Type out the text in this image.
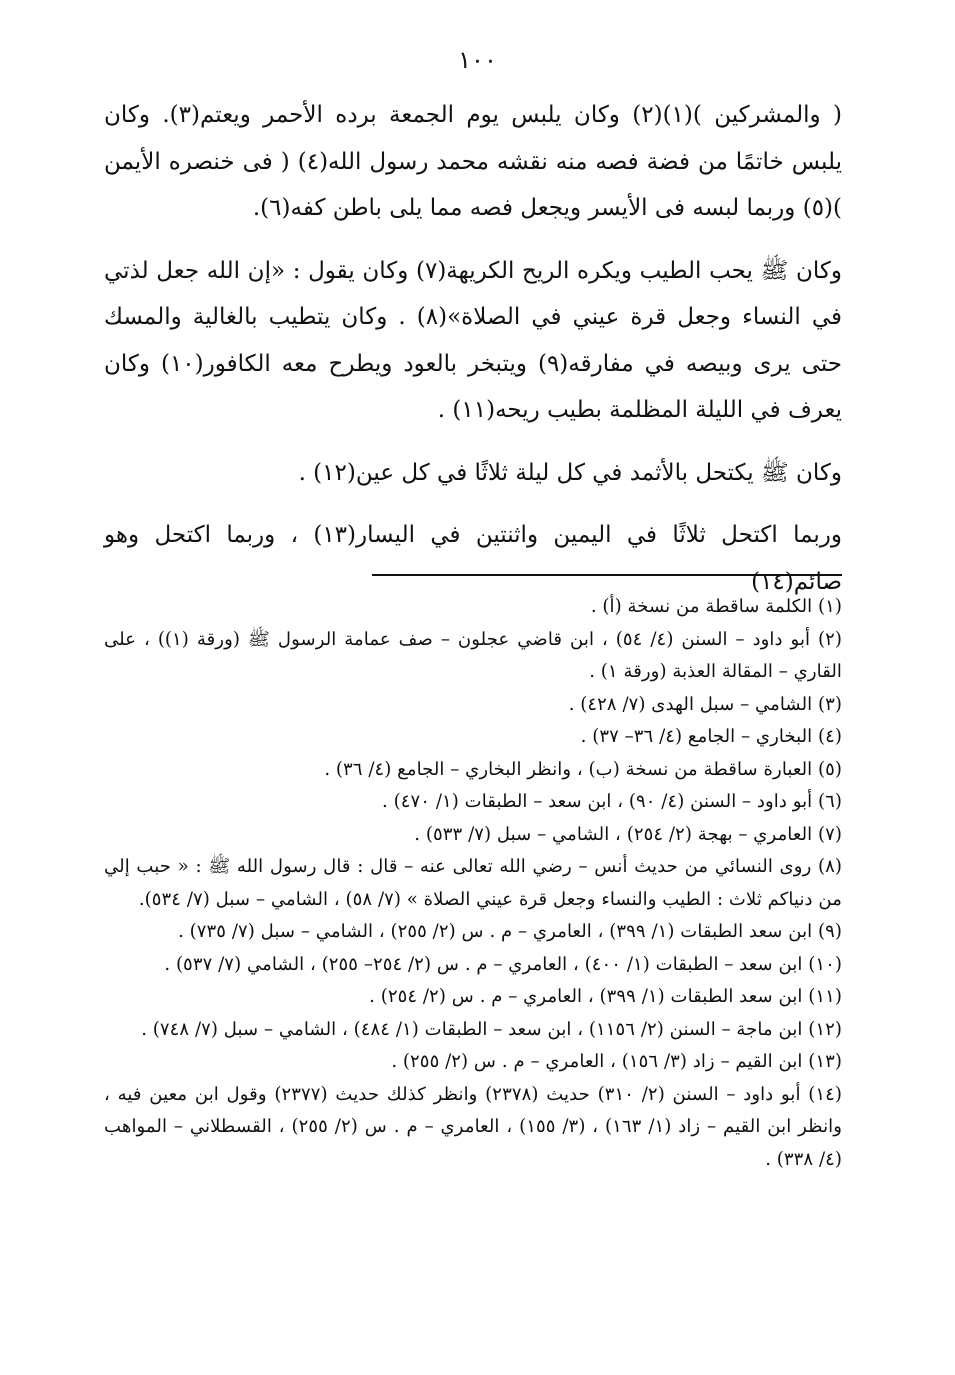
١٠٠

( والمشركين )(١)(٢) وكان يلبس يوم الجمعة برده الأحمر ويعتم(٣). وكان يلبس خاتمًا من فضة فصه منه نقشه محمد رسول الله(٤) ( فى خنصره الأيمن )(٥) وربما لبسه فى الأيسر ويجعل فصه مما يلى باطن كفه(٦).

وكان ﷺ يحب الطيب ويكره الريح الكريهة(٧) وكان يقول : «إن الله جعل لذتي في النساء وجعل قرة عيني في الصلاة»(٨) . وكان يتطيب بالغالية والمسك حتى يرى وبيصه في مفارقه(٩) ويتبخر بالعود ويطرح معه الكافور(١٠) وكان يعرف في الليلة المظلمة بطيب ريحه(١١) .

وكان ﷺ يكتحل بالأثمد في كل ليلة ثلاثًا في كل عين(١٢) .

وربما اكتحل ثلاثًا في اليمين واثنتين في اليسار(١٣) ، وربما اكتحل وهو صائم(١٤)

(١) الكلمة ساقطة من نسخة (أ) .

(٢) أبو داود – السنن (٤/ ٥٤) ، ابن قاضي عجلون – صف عمامة الرسول ﷺ (ورقة (١)) ، على القاري – المقالة العذبة (ورقة ١) .

(٣) الشامي – سبل الهدى (٧/ ٤٢٨) .

(٤) البخاري – الجامع (٤/ ٣٦– ٣٧) .

(٥) العبارة ساقطة من نسخة (ب) ، وانظر البخاري – الجامع (٤/ ٣٦) .

(٦) أبو داود – السنن (٤/ ٩٠) ، ابن سعد – الطبقات (١/ ٤٧٠) .

(٧) العامري – بهجة (٢/ ٢٥٤) ، الشامي – سبل (٧/ ٥٣٣) .

(٨) روى النسائي من حديث أنس – رضي الله تعالى عنه – قال : قال رسول الله ﷺ : « حبب إلي من دنياكم ثلاث : الطيب والنساء وجعل قرة عيني الصلاة » (٧/ ٥٨) ، الشامي – سبل (٧/ ٥٣٤).

(٩) ابن سعد الطبقات (١/ ٣٩٩) ، العامري – م . س (٢/ ٢٥٥) ، الشامي – سبل (٧/ ٧٣٥) .

(١٠) ابن سعد – الطبقات (١/ ٤٠٠) ، العامري – م . س (٢/ ٢٥٤– ٢٥٥) ، الشامي (٧/ ٥٣٧) .

(١١) ابن سعد الطبقات (١/ ٣٩٩) ، العامري – م . س (٢/ ٢٥٤) .

(١٢) ابن ماجة – السنن (٢/ ١١٥٦) ، ابن سعد – الطبقات (١/ ٤٨٤) ، الشامي – سبل (٧/ ٧٤٨) .

(١٣) ابن القيم – زاد (٣/ ١٥٦) ، العامري – م . س (٢/ ٢٥٥) .

(١٤) أبو داود – السنن (٢/ ٣١٠) حديث (٢٣٧٨) وانظر كذلك حديث (٢٣٧٧) وقول ابن معين فيه ، وانظر ابن القيم – زاد (١/ ١٦٣) ، (٣/ ١٥٥) ، العامري – م . س (٢/ ٢٥٥) ، القسطلاني – المواهب (٤/ ٣٣٨) .
